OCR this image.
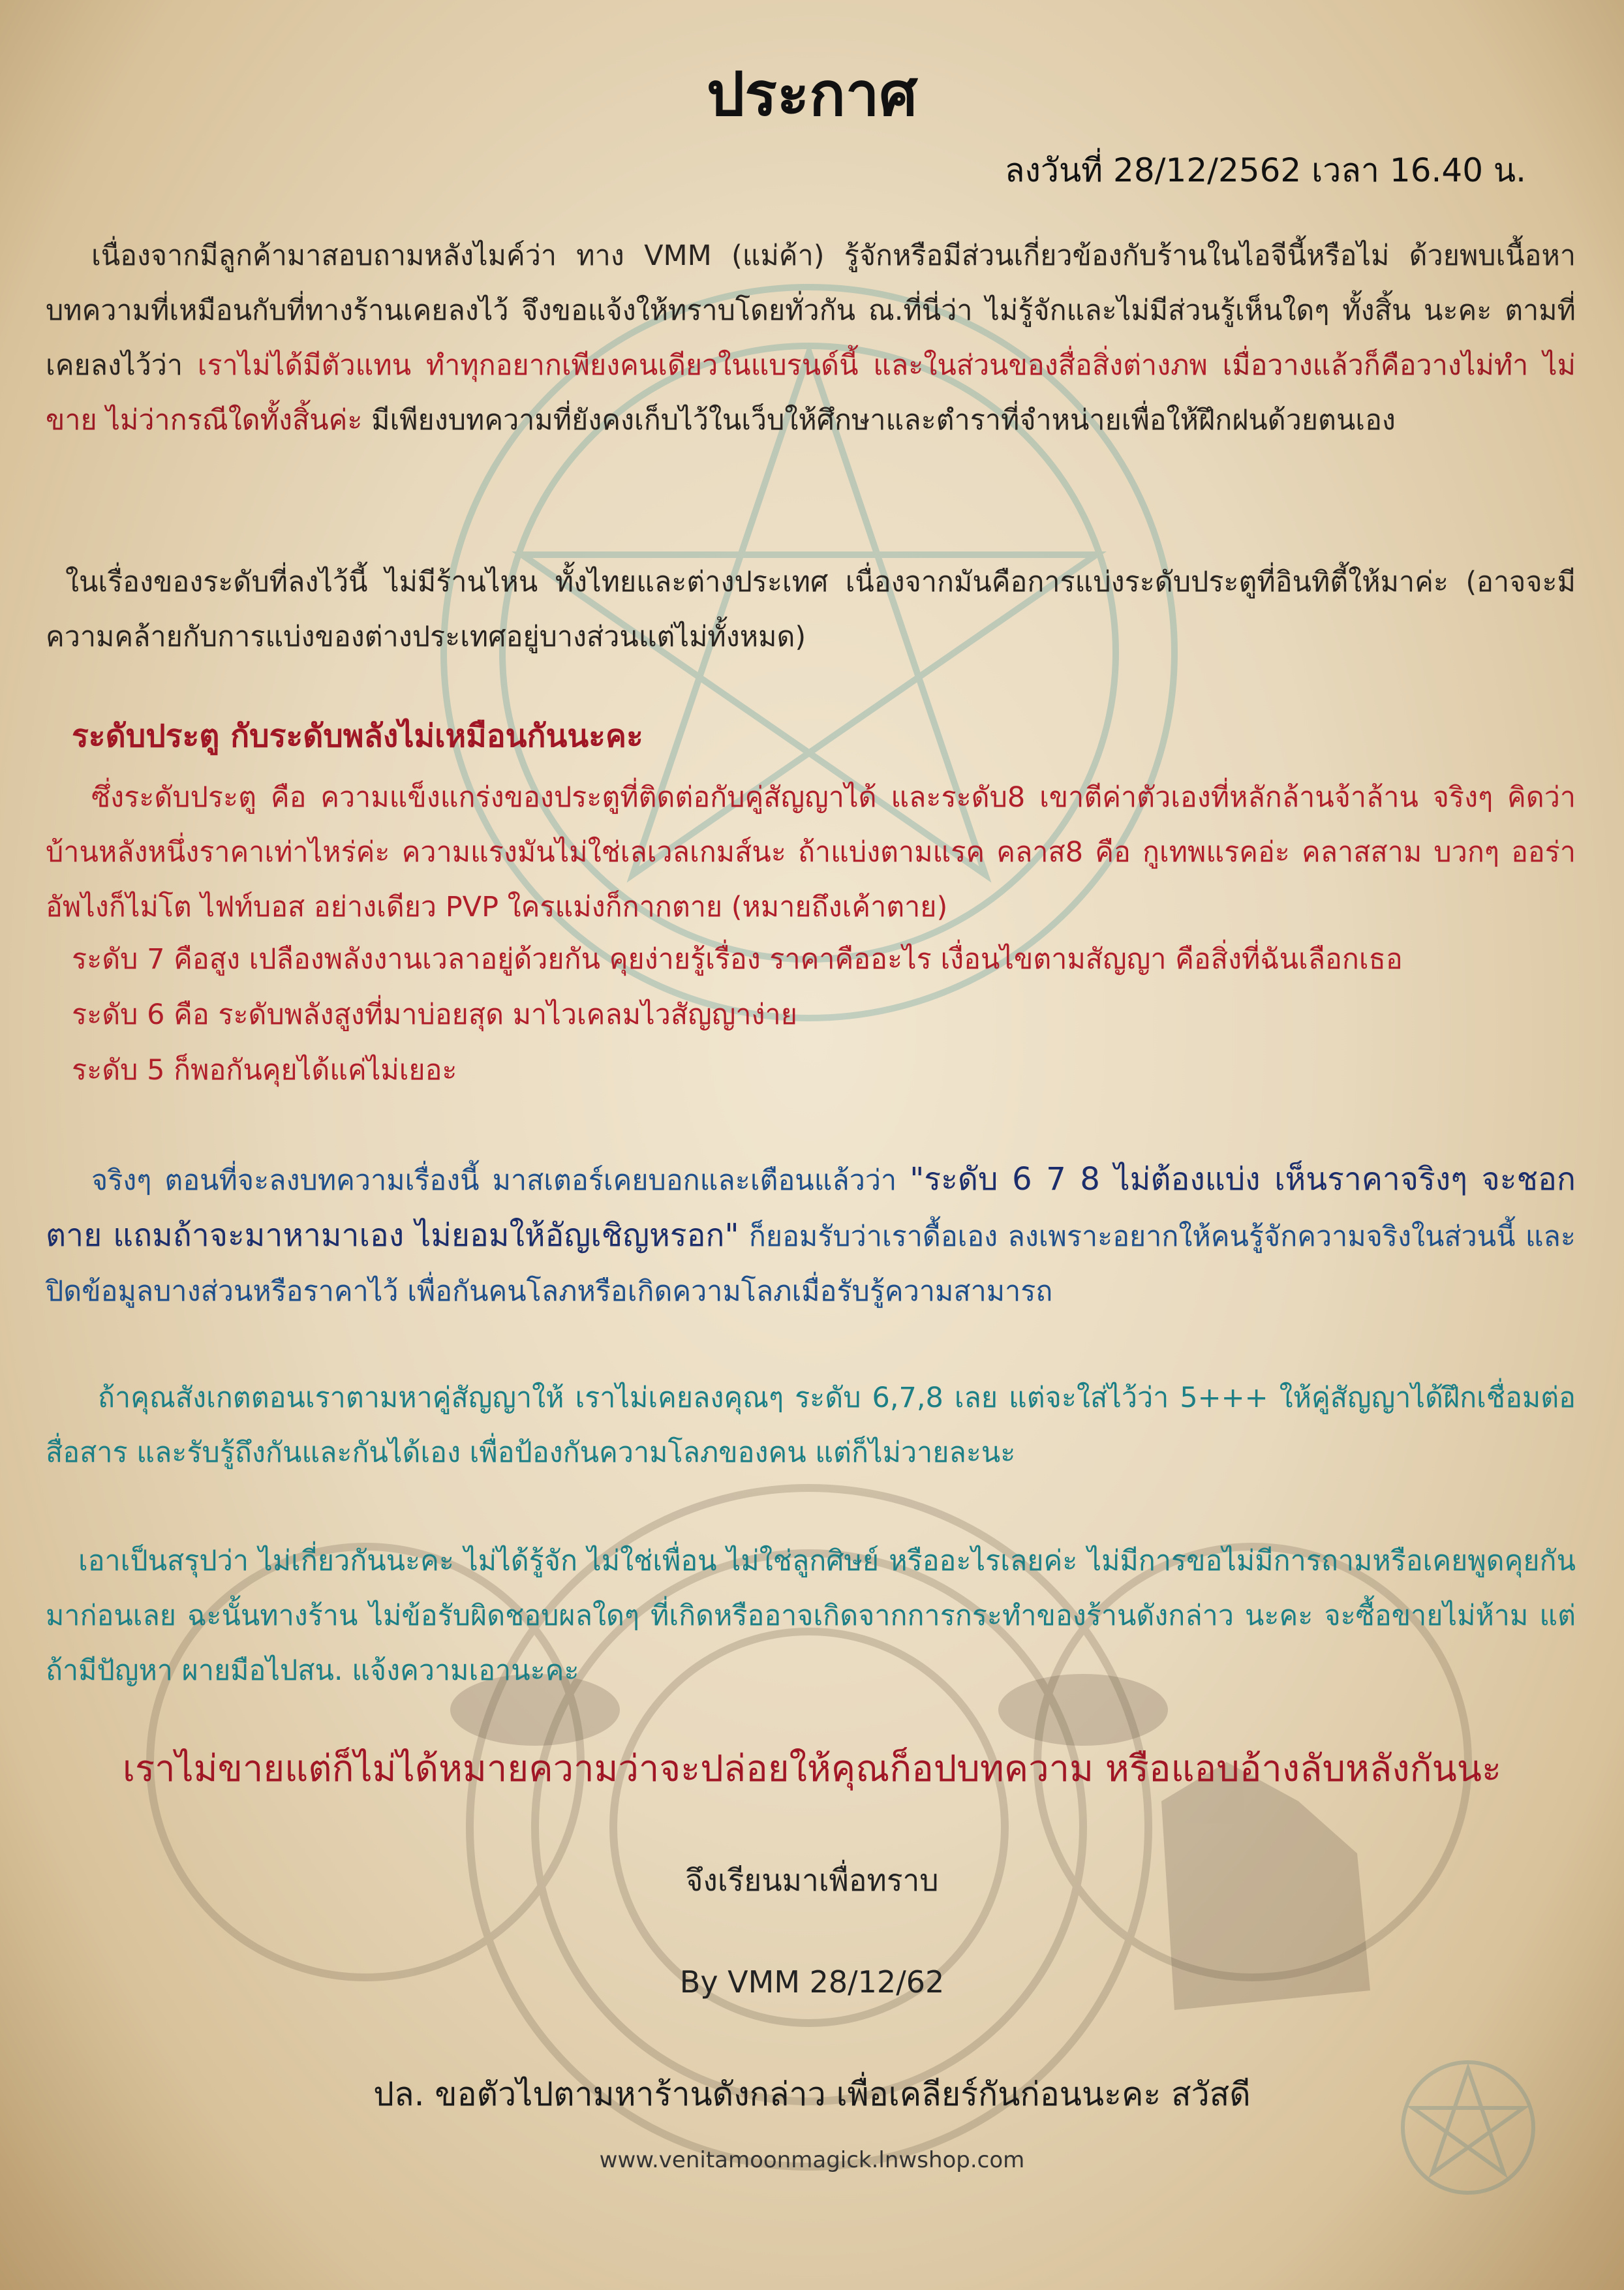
ประกาศ

ลงวันที่ 28/12/2562 เวลา 16.40 น.

เนื่องจากมีลูกค้ามาสอบถามหลังไมค์ว่า ทาง VMM (แม่ค้า) รู้จักหรือมีส่วนเกี่ยวข้องกับร้านในไอจีนี้หรือไม่ ด้วยพบเนื้อหาบทความที่เหมือนกับที่ทางร้านเคยลงไว้ จึงขอแจ้งให้ทราบโดยทั่วกัน ณ.ที่นี่ว่า ไม่รู้จักและไม่มีส่วนรู้เห็นใดๆ ทั้งสิ้น นะคะ ตามที่เคยลงไว้ว่า เราไม่ได้มีตัวแทน ทำทุกอยากเพียงคนเดียวในแบรนด์นี้ และในส่วนของสื่อสิ่งต่างภพ เมื่อวางแล้วก็คือวางไม่ทำ ไม่ขาย ไม่ว่ากรณีใดทั้งสิ้นค่ะ มีเพียงบทความที่ยังคงเก็บไว้ในเว็บให้ศึกษาและตำราที่จำหน่ายเพื่อให้ฝึกฝนด้วยตนเอง

ในเรื่องของระดับที่ลงไว้นี้ ไม่มีร้านไหน ทั้งไทยและต่างประเทศ เนื่องจากมันคือการแบ่งระดับประตูที่อินทิตี้ให้มาค่ะ (อาจจะมีความคล้ายกับการแบ่งของต่างประเทศอยู่บางส่วนแต่ไม่ทั้งหมด)

ระดับประตู กับระดับพลังไม่เหมือนกันนะคะ

ซึ่งระดับประตู คือ ความแข็งแกร่งของประตูที่ติดต่อกับคู่สัญญาได้ และระดับ8 เขาตีค่าตัวเองที่หลักล้านจ้าล้าน จริงๆ คิดว่าบ้านหลังหนึ่งราคาเท่าไหร่ค่ะ ความแรงมันไม่ใช่เลเวลเกมส์นะ ถ้าแบ่งตามแรค คลาส8 คือ กูเทพแรคอ่ะ คลาสสาม บวกๆ ออร่าอัพไงก็ไม่โต ไฟท์บอส อย่างเดียว PVP ใครแม่งก็กากตาย (หมายถึงเค้าตาย)

ระดับ 7 คือสูง เปลืองพลังงานเวลาอยู่ด้วยกัน คุยง่ายรู้เรื่อง ราคาคืออะไร เงื่อนไขตามสัญญา คือสิ่งที่ฉันเลือกเธอ

ระดับ 6 คือ ระดับพลังสูงที่มาบ่อยสุด มาไวเคลมไวสัญญาง่าย

ระดับ 5 ก็พอกันคุยได้แค่ไม่เยอะ

จริงๆ ตอนที่จะลงบทความเรื่องนี้ มาสเตอร์เคยบอกและเตือนแล้วว่า "ระดับ 6 7 8 ไม่ต้องแบ่ง เห็นราคาจริงๆ จะชอกตาย แถมถ้าจะมาหามาเอง ไม่ยอมให้อัญเชิญหรอก" ก็ยอมรับว่าเราดื้อเอง ลงเพราะอยากให้คนรู้จักความจริงในส่วนนี้ และปิดข้อมูลบางส่วนหรือราคาไว้ เพื่อกันคนโลภหรือเกิดความโลภเมื่อรับรู้ความสามารถ

ถ้าคุณสังเกตตอนเราตามหาคู่สัญญาให้ เราไม่เคยลงคุณๆ ระดับ 6,7,8 เลย แต่จะใส่ไว้ว่า 5+++ ให้คู่สัญญาได้ฝึกเชื่อมต่อ สื่อสาร และรับรู้ถึงกันและกันได้เอง เพื่อป้องกันความโลภของคน แต่ก็ไม่วายละนะ

เอาเป็นสรุปว่า ไม่เกี่ยวกันนะคะ ไม่ได้รู้จัก ไม่ใช่เพื่อน ไม่ใช่ลูกศิษย์ หรืออะไรเลยค่ะ ไม่มีการขอไม่มีการถามหรือเคยพูดคุยกันมาก่อนเลย ฉะนั้นทางร้าน ไม่ข้อรับผิดชอบผลใดๆ ที่เกิดหรืออาจเกิดจากการกระทำของร้านดังกล่าว นะคะ จะซื้อขายไม่ห้าม แต่ถ้ามีปัญหา ผายมือไปสน. แจ้งความเอานะคะ

เราไม่ขายแต่ก็ไม่ได้หมายความว่าจะปล่อยให้คุณก็อปบทความ หรือแอบอ้างลับหลังกันนะ

จึงเรียนมาเพื่อทราบ

By VMM 28/12/62

ปล. ขอตัวไปตามหาร้านดังกล่าว เพื่อเคลียร์กันก่อนนะคะ สวัสดี

www.venitamoonmagick.lnwshop.com
